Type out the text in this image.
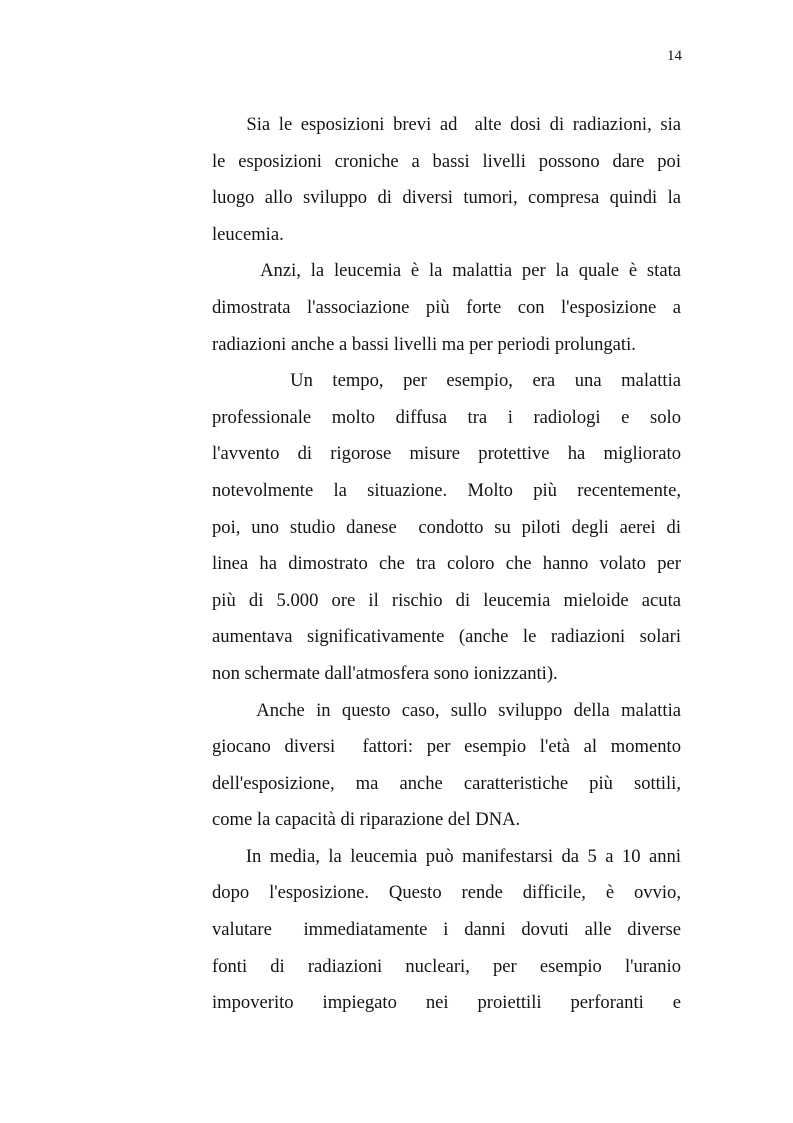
14

Sia le esposizioni brevi ad  alte dosi di radiazioni, sia
le esposizioni croniche a bassi livelli possono dare poi
luogo allo sviluppo di diversi tumori, compresa quindi la
leucemia.

Anzi, la leucemia è la malattia per la quale è stata
dimostrata l'associazione più forte con l'esposizione a
radiazioni anche a bassi livelli ma per periodi prolungati.

Un tempo, per esempio, era una malattia
professionale molto diffusa tra i radiologi e solo
l'avvento di rigorose misure protettive ha migliorato
notevolmente la situazione. Molto più recentemente,
poi, uno studio danese  condotto su piloti degli aerei di
linea ha dimostrato che tra coloro che hanno volato per
più di 5.000 ore il rischio di leucemia mieloide acuta
aumentava significativamente (anche le radiazioni solari
non schermate dall'atmosfera sono ionizzanti).

Anche in questo caso, sullo sviluppo della malattia
giocano diversi  fattori: per esempio l'età al momento
dell'esposizione, ma anche caratteristiche più sottili,
come la capacità di riparazione del DNA.

In media, la leucemia può manifestarsi da 5 a 10 anni
dopo l'esposizione. Questo rende difficile, è ovvio,
valutare  immediatamente i danni dovuti alle diverse
fonti di radiazioni nucleari, per esempio l'uranio
impoverito impiegato nei proiettili perforanti e
